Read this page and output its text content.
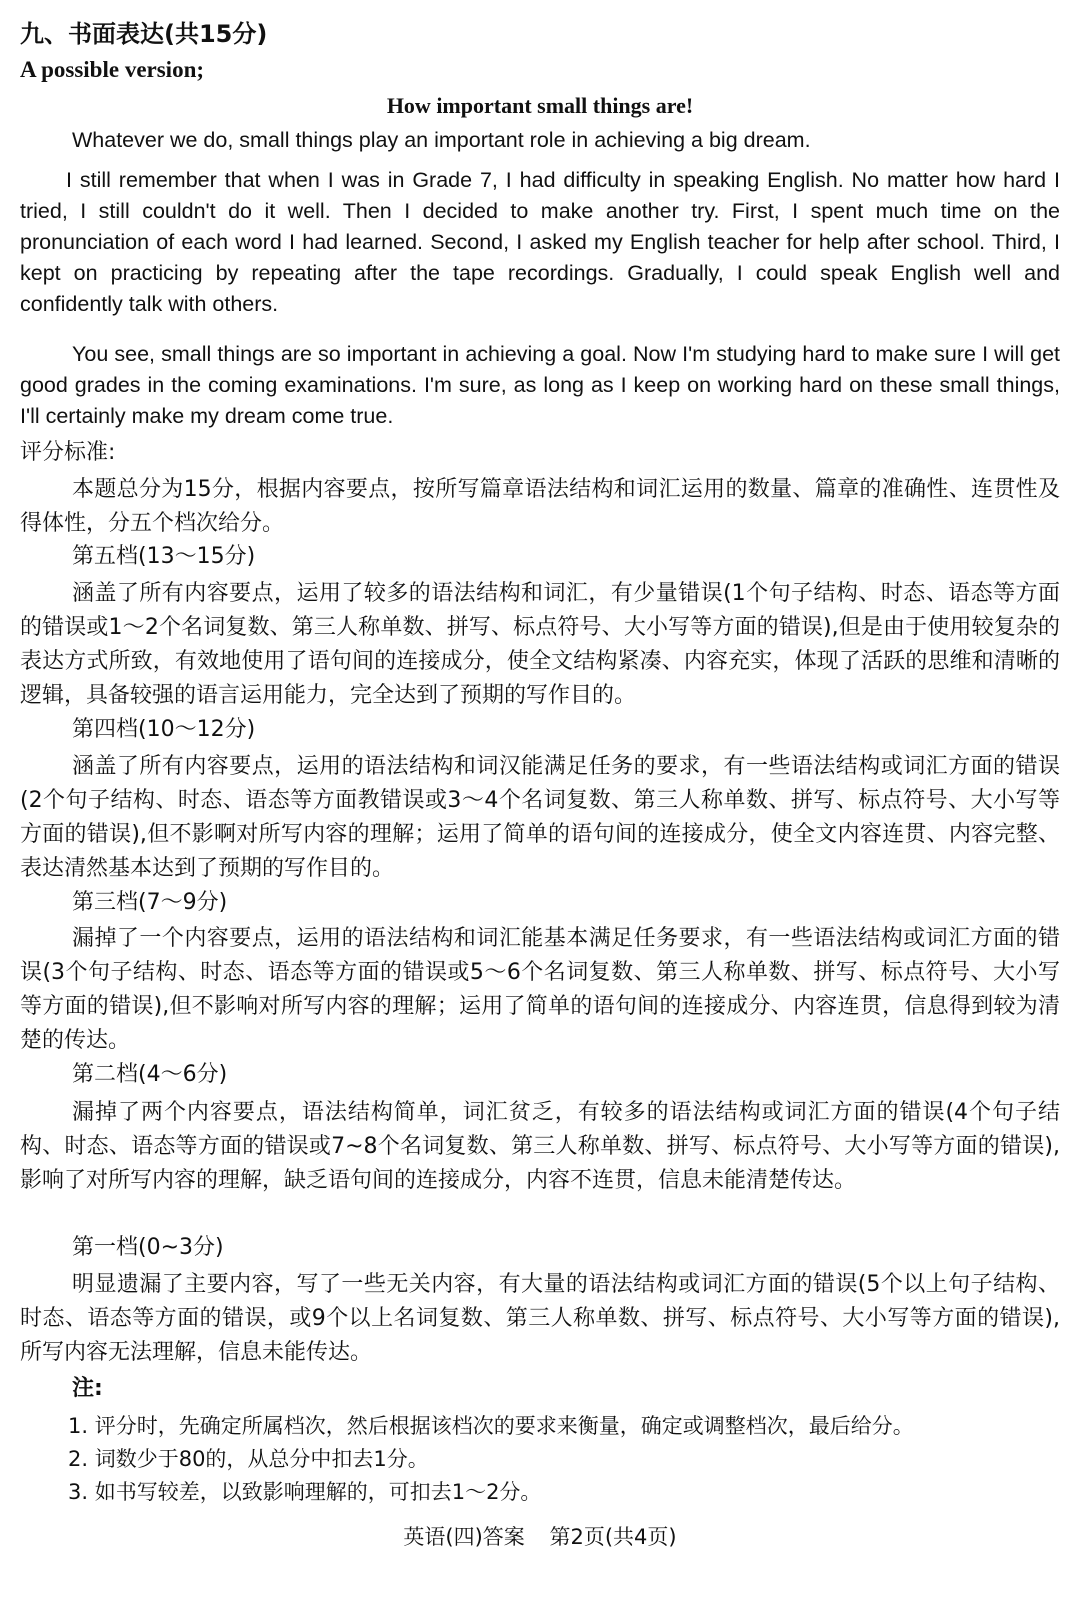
九、书面表达(共15分)
A possible version;
How important small things are!

Whatever we do, small things play an important role in achieving a big dream.

I still remember that when I was in Grade 7, I had difficulty in speaking English. No matter how hard I tried, I still couldn't do it well. Then I decided to make another try. First, I spent much time on the pronunciation of each word I had learned. Second, I asked my English teacher for help after school. Third, I kept on practicing by repeating after the tape recordings. Gradually, I could speak English well and confidently talk with others.

You see, small things are so important in achieving a goal. Now I'm studying hard to make sure I will get good grades in the coming examinations. I'm sure, as long as I keep on working hard on these small things, I'll certainly make my dream come true.

评分标准:

本题总分为15分，根据内容要点，按所写篇章语法结构和词汇运用的数量、篇章的准确性、连贯性及得体性，分五个档次给分。

第五档(13～15分)

涵盖了所有内容要点，运用了较多的语法结构和词汇，有少量错误(1个句子结构、时态、语态等方面的错误或1～2个名词复数、第三人称单数、拼写、标点符号、大小写等方面的错误),但是由于使用较复杂的表达方式所致，有效地使用了语句间的连接成分，使全文结构紧凑、内容充实，体现了活跃的思维和清晰的逻辑，具备较强的语言运用能力，完全达到了预期的写作目的。

第四档(10～12分)

涵盖了所有内容要点，运用的语法结构和词汉能满足任务的要求，有一些语法结构或词汇方面的错误(2个句子结构、时态、语态等方面教错误或3～4个名词复数、第三人称单数、拼写、标点符号、大小写等方面的错误),但不影啊对所写内容的理解；运用了简单的语句间的连接成分，使全文内容连贯、内容完整、表达清然基本达到了预期的写作目的。

第三档(7～9分)

漏掉了一个内容要点，运用的语法结构和词汇能基本满足任务要求，有一些语法结构或词汇方面的错误(3个句子结构、时态、语态等方面的错误或5～6个名词复数、第三人称单数、拼写、标点符号、大小写等方面的错误),但不影响对所写内容的理解；运用了简单的语句间的连接成分、内容连贯，信息得到较为清楚的传达。

第二档(4～6分)

漏掉了两个内容要点，语法结构简单，词汇贫乏，有较多的语法结构或词汇方面的错误(4个句子结构、时态、语态等方面的错误或7~8个名词复数、第三人称单数、拼写、标点符号、大小写等方面的错误),影响了对所写内容的理解，缺乏语句间的连接成分，内容不连贯，信息未能清楚传达。

第一档(0~3分)

明显遗漏了主要内容，写了一些无关内容，有大量的语法结构或词汇方面的错误(5个以上句子结构、时态、语态等方面的错误，或9个以上名词复数、第三人称单数、拼写、标点符号、大小写等方面的错误),所写内容无法理解，信息未能传达。

注:
1. 评分时，先确定所属档次，然后根据该档次的要求来衡量，确定或调整档次，最后给分。
2. 词数少于80的，从总分中扣去1分。
3. 如书写较差，以致影响理解的，可扣去1～2分。
英语(四)答案 第2页(共4页)
